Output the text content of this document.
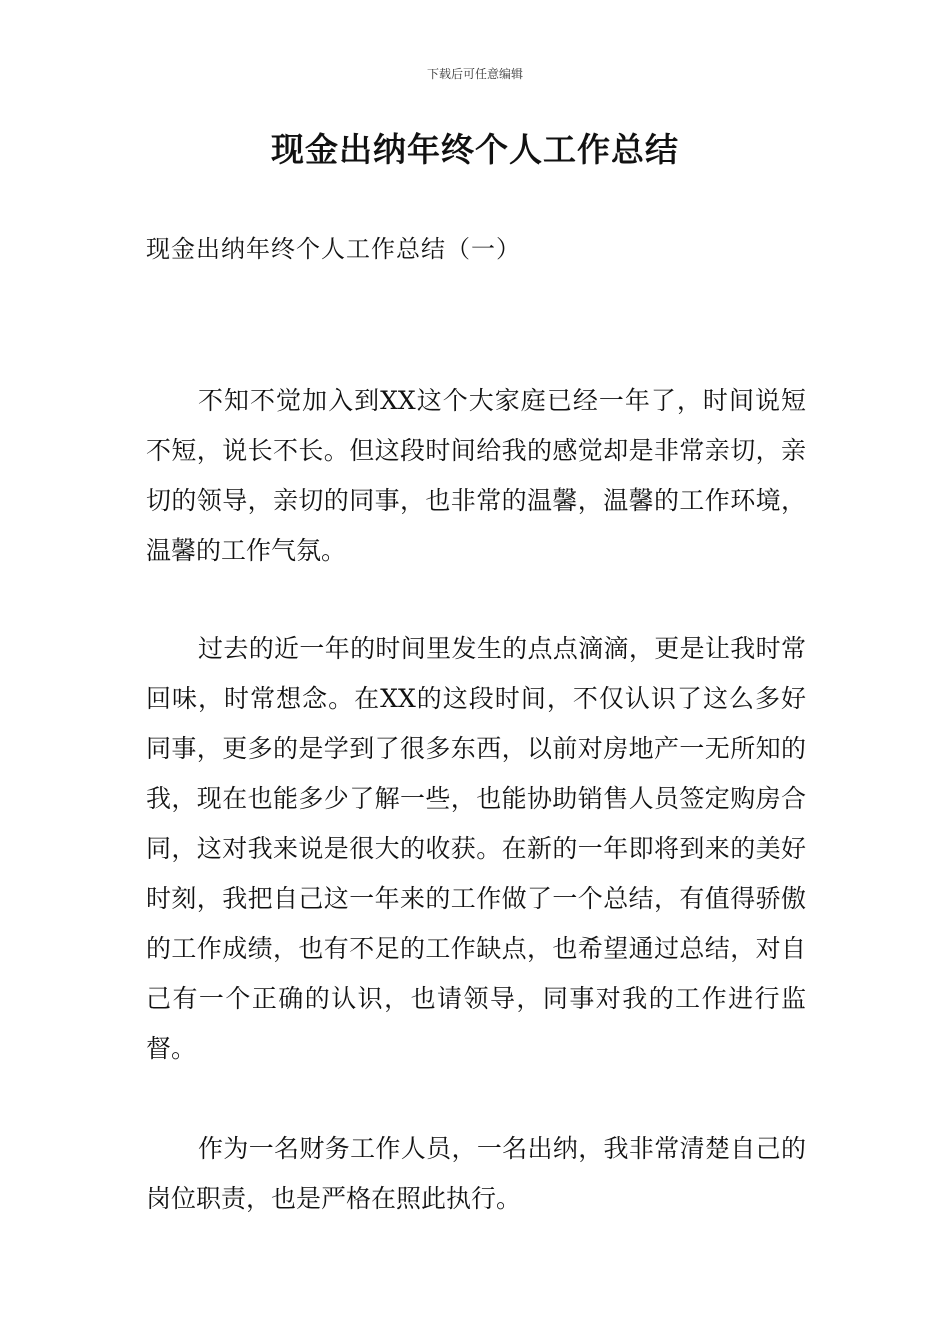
下载后可任意编辑
现金出纳年终个人工作总结
现金出纳年终个人工作总结（一）

不知不觉加入到XX这个大家庭已经一年了，时间说短不短，说长不长。但这段时间给我的感觉却是非常亲切，亲切的领导，亲切的同事，也非常的温馨，温馨的工作环境，温馨的工作气氛。

过去的近一年的时间里发生的点点滴滴，更是让我时常回味，时常想念。在XX的这段时间，不仅认识了这么多好同事，更多的是学到了很多东西，以前对房地产一无所知的我，现在也能多少了解一些，也能协助销售人员签定购房合同，这对我来说是很大的收获。在新的一年即将到来的美好时刻，我把自己这一年来的工作做了一个总结，有值得骄傲的工作成绩，也有不足的工作缺点，也希望通过总结，对自己有一个正确的认识，也请领导，同事对我的工作进行监督。

作为一名财务工作人员，一名出纳，我非常清楚自己的岗位职责，也是严格在照此执行。
